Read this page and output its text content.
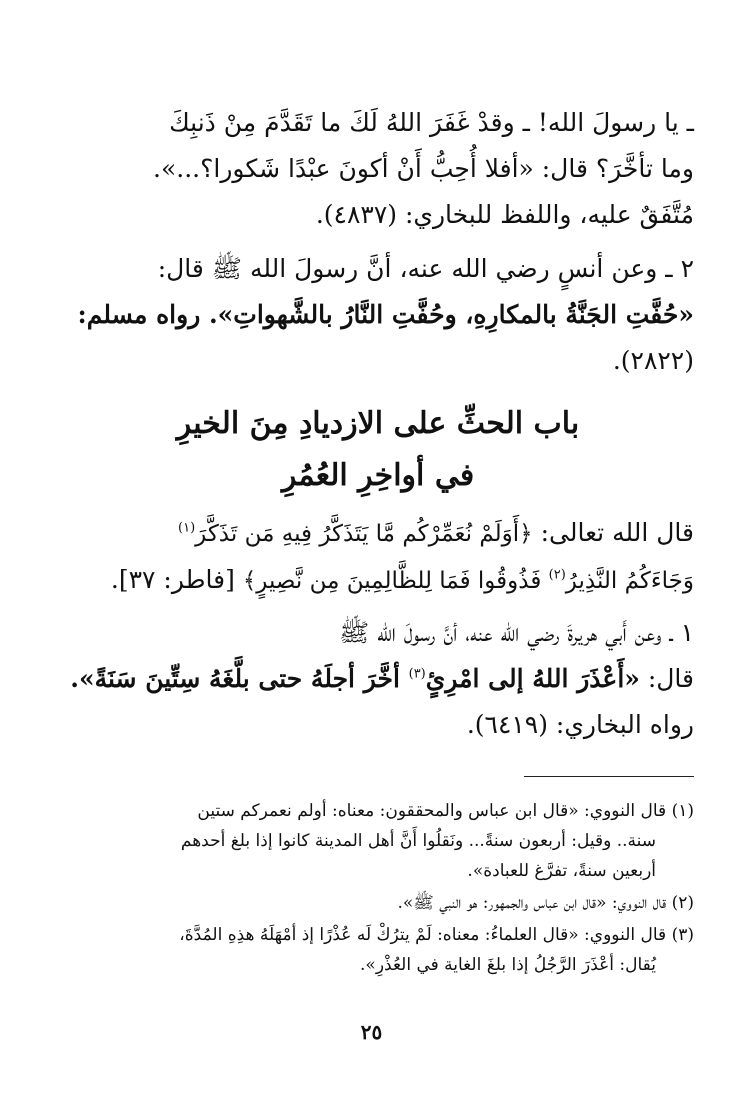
ـ يا رسولَ الله! ـ وقدْ غَفَرَ اللهُ لَكَ ما تَقَدَّمَ مِنْ ذَنبِكَ

وما تأخَّرَ؟ قال: «أفلا أُحِبُّ أَنْ أكونَ عبْدًا شَكورا؟...».

مُتَّفَقٌ عليه، واللفظ للبخاري: (٤٨٣٧).

٢ ـ وعن أنسٍ رضي الله عنه، أنَّ رسولَ الله ﷺ قال:

«حُفَّتِ الجَنَّةُ بالمكارِهِ، وحُفَّتِ النَّارُ بالشَّهواتِ». رواه مسلم:

(٢٨٢٢).

باب الحثِّ على الازديادِ مِنَ الخيرِ

في أواخِرِ العُمُرِ

قال الله تعالى: ﴿أَوَلَمْ نُعَمِّرْكُم مَّا يَتَذَكَّرُ فِيهِ مَن تَذَكَّرَ$^{(١)}$

وَجَاءَكُمُ النَّذِيرُ$^{(٢)}$ فَذُوقُوا فَمَا لِلظَّالِمِينَ مِن نَّصِيرٍ﴾ [فاطر: ٣٧].

١ ـ وعن أَبي هريرةَ رضي الله عنه، أنَّ رسولَ الله ﷺ

قال: «أَعْذَرَ اللهُ إلى امْرِئٍ$^{(٣)}$ أخَّرَ أجلَهُ حتى بلَّغَهُ سِتِّينَ سَنَةً».

رواه البخاري: (٦٤١٩).

(١) قال النووي: «قال ابن عباس والمحققون: معناه: أولم نعمركم ستين

سنة.. وقيل: أربعون سنةً... ونَقلُوا أَنَّ أهل المدينة كانوا إذا بلغ أحدهم

أربعين سنةً، تفرَّغ للعبادة».

(٢) قال النووي: «قال ابن عباس والجمهور: هو النبي ﷺ».

(٣) قال النووي: «قال العلماءُ: معناه: لَمْ يترُكْ لَه عُذْرًا إذ أمْهَلَهُ هذِهِ المُدَّةَ،

يُقال: أعْذَرَ الرَّجُلُ إذا بلغَ الغاية في العُذْرِ».

٢٥
